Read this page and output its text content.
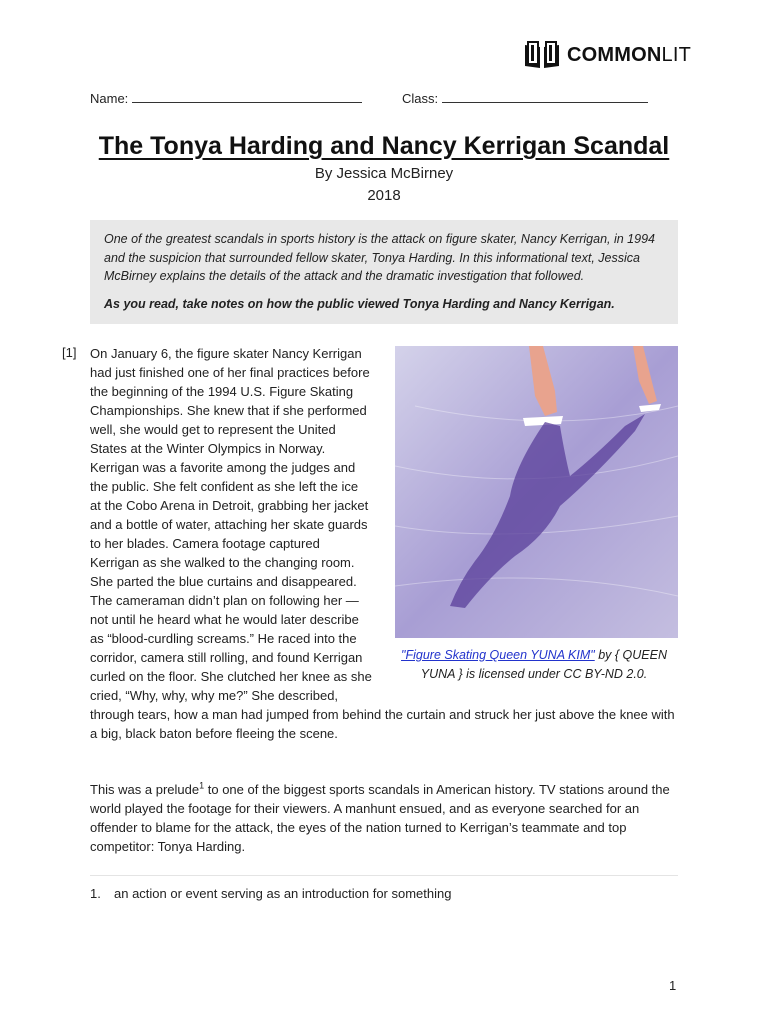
COMMONLIT
Name:	Class:
The Tonya Harding and Nancy Kerrigan Scandal
By Jessica McBirney
2018

One of the greatest scandals in sports history is the attack on figure skater, Nancy Kerrigan, in 1994 and the suspicion that surrounded fellow skater, Tonya Harding. In this informational text, Jessica McBirney explains the details of the attack and the dramatic investigation that followed.

As you read, take notes on how the public viewed Tonya Harding and Nancy Kerrigan.

[1]
"Figure Skating Queen YUNA KIM" by { QUEEN YUNA } is licensed under CC BY-ND 2.0.
On January 6, the figure skater Nancy Kerrigan had just finished one of her final practices before the beginning of the 1994 U.S. Figure Skating Championships. She knew that if she performed well, she would get to represent the United States at the Winter Olympics in Norway. Kerrigan was a favorite among the judges and the public. She felt confident as she left the ice at the Cobo Arena in Detroit, grabbing her jacket and a bottle of water, attaching her skate guards to her blades. Camera footage captured Kerrigan as she walked to the changing room. She parted the blue curtains and disappeared. The cameraman didn’t plan on following her — not until he heard what he would later describe as “blood-curdling screams.” He raced into the corridor, camera still rolling, and found Kerrigan curled on the floor. She clutched her knee as she cried, “Why, why, why me?” She described, through tears, how a man had jumped from behind the curtain and struck her just above the knee with a big, black baton before fleeing the scene.

This was a prelude$^1$ to one of the biggest sports scandals in American history. TV stations around the world played the footage for their viewers. A manhunt ensued, and as everyone searched for an offender to blame for the attack, the eyes of the nation turned to Kerrigan’s teammate and top competitor: Tonya Harding.

1. an action or event serving as an introduction for something
1
